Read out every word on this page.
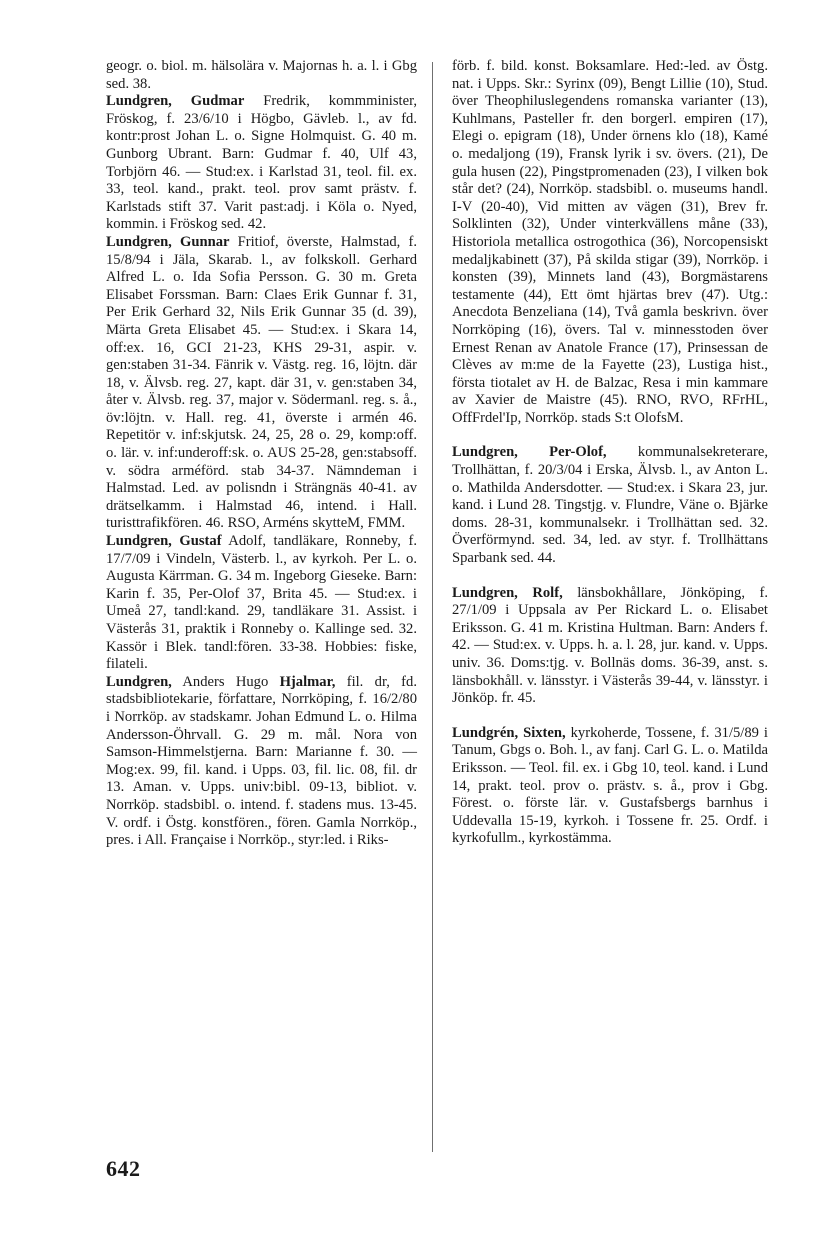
geogr. o. biol. m. hälsolära v. Majornas h. a. l. i Gbg sed. 38.

Lundgren, Gudmar Fredrik, kommminister, Fröskog, f. 23/6/10 i Högbo, Gävleb. l., av fd. kontr:prost Johan L. o. Signe Holmquist. G. 40 m. Gunborg Ubrant. Barn: Gudmar f. 40, Ulf 43, Torbjörn 46. — Stud:ex. i Karlstad 31, teol. fil. ex. 33, teol. kand., prakt. teol. prov samt prästv. f. Karlstads stift 37. Varit past:adj. i Köla o. Nyed, kommin. i Fröskog sed. 42.

Lundgren, Gunnar Fritiof, överste, Halmstad, f. 15/8/94 i Jäla, Skarab. l., av folkskoll. Gerhard Alfred L. o. Ida Sofia Persson. G. 30 m. Greta Elisabet Forssman. Barn: Claes Erik Gunnar f. 31, Per Erik Gerhard 32, Nils Erik Gunnar 35 (d. 39), Märta Greta Elisabet 45. — Stud:ex. i Skara 14, off:ex. 16, GCI 21-23, KHS 29-31, aspir. v. gen:staben 31-34. Fänrik v. Västg. reg. 16, löjtn. där 18, v. Älvsb. reg. 27, kapt. där 31, v. gen:staben 34, åter v. Älvsb. reg. 37, major v. Södermanl. reg. s. å., öv:löjtn. v. Hall. reg. 41, överste i armén 46. Repetitör v. inf:skjutsk. 24, 25, 28 o. 29, komp:off. o. lär. v. inf:underoff:sk. o. AUS 25-28, gen:stabsoff. v. södra arméförd. stab 34-37. Nämndeman i Halmstad. Led. av polisndn i Strängnäs 40-41. av drätselkamm. i Halmstad 46, intend. i Hall. turisttrafikfören. 46. RSO, Arméns skytteM, FMM.

Lundgren, Gustaf Adolf, tandläkare, Ronneby, f. 17/7/09 i Vindeln, Västerb. l., av kyrkoh. Per L. o. Augusta Kärrman. G. 34 m. Ingeborg Gieseke. Barn: Karin f. 35, Per-Olof 37, Brita 45. — Stud:ex. i Umeå 27, tandl:kand. 29, tandläkare 31. Assist. i Västerås 31, praktik i Ronneby o. Kallinge sed. 32. Kassör i Blek. tandl:fören. 33-38. Hobbies: fiske, filateli.

Lundgren, Anders Hugo Hjalmar, fil. dr, fd. stadsbibliotekarie, författare, Norrköping, f. 16/2/80 i Norrköp. av stadskamr. Johan Edmund L. o. Hilma Andersson-Öhrvall. G. 29 m. mål. Nora von Samson-Himmelstjerna. Barn: Marianne f. 30. — Mog:ex. 99, fil. kand. i Upps. 03, fil. lic. 08, fil. dr 13. Aman. v. Upps. univ:bibl. 09-13, bibliot. v. Norrköp. stadsbibl. o. intend. f. stadens mus. 13-45. V. ordf. i Östg. konstfören., fören. Gamla Norrköp., pres. i All. Française i Norrköp., styr:led. i Riks-

förb. f. bild. konst. Boksamlare. Hed:-led. av Östg. nat. i Upps. Skr.: Syrinx (09), Bengt Lillie (10), Stud. över Theophiluslegendens romanska varianter (13), Kuhlmans, Pasteller fr. den borgerl. empiren (17), Elegi o. epigram (18), Under örnens klo (18), Kamé o. medaljong (19), Fransk lyrik i sv. övers. (21), De gula husen (22), Pingstpromenaden (23), I vilken bok står det? (24), Norrköp. stadsbibl. o. museums handl. I-V (20-40), Vid mitten av vägen (31), Brev fr. Solklinten (32), Under vinterkvällens måne (33), Historiola metallica ostrogothica (36), Norcopensiskt medaljkabinett (37), På skilda stigar (39), Norrköp. i konsten (39), Minnets land (43), Borgmästarens testamente (44), Ett ömt hjärtas brev (47). Utg.: Anecdota Benzeliana (14), Två gamla beskrivn. över Norrköping (16), övers. Tal v. minnesstoden över Ernest Renan av Anatole France (17), Prinsessan de Clèves av m:me de la Fayette (23), Lustiga hist., första tiotalet av H. de Balzac, Resa i min kammare av Xavier de Maistre (45). RNO, RVO, RFrHL, OffFrdel'Ip, Norrköp. stads S:t OlofsM.

Lundgren, Per-Olof, kommunalsekreterare, Trollhättan, f. 20/3/04 i Erska, Älvsb. l., av Anton L. o. Mathilda Andersdotter. — Stud:ex. i Skara 23, jur. kand. i Lund 28. Tingstjg. v. Flundre, Väne o. Bjärke doms. 28-31, kommunalsekr. i Trollhättan sed. 32. Överförmynd. sed. 34, led. av styr. f. Trollhättans Sparbank sed. 44.

Lundgren, Rolf, länsbokhållare, Jönköping, f. 27/1/09 i Uppsala av Per Rickard L. o. Elisabet Eriksson. G. 41 m. Kristina Hultman. Barn: Anders f. 42. — Stud:ex. v. Upps. h. a. l. 28, jur. kand. v. Upps. univ. 36. Doms:tjg. v. Bollnäs doms. 36-39, anst. s. länsbokhåll. v. länsstyr. i Västerås 39-44, v. länsstyr. i Jönköp. fr. 45.

Lundgrén, Sixten, kyrkoherde, Tossene, f. 31/5/89 i Tanum, Gbgs o. Boh. l., av fanj. Carl G. L. o. Matilda Eriksson. — Teol. fil. ex. i Gbg 10, teol. kand. i Lund 14, prakt. teol. prov o. prästv. s. å., prov i Gbg. Förest. o. förste lär. v. Gustafsbergs barnhus i Uddevalla 15-19, kyrkoh. i Tossene fr. 25. Ordf. i kyrkofullm., kyrkostämma.

642
